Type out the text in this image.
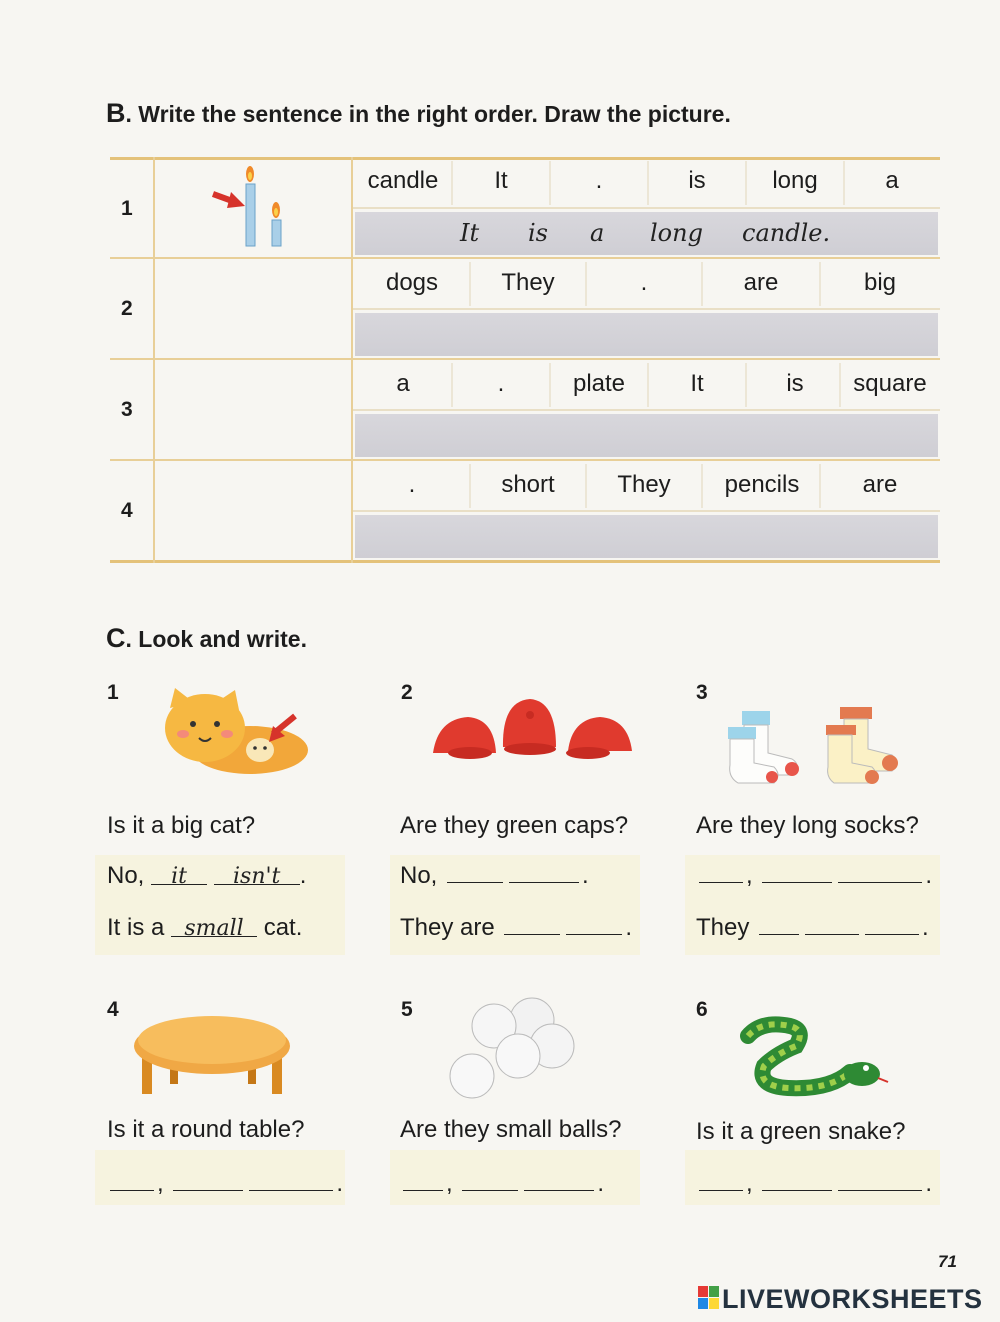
B. Write the sentence in the right order. Draw the picture.
1
2
3
4
candle	It	.	is	long	a
It is a long candle.
dogs	They	.	are	big
a	.	plate	It	is	square
.	short	They	pencils	are
C. Look and write.
1	2	3
4	5	6
Is it a big cat?	Are they green caps?	Are they long socks?
Is it a round table?	Are they small balls?	Is it a green snake?
No, it isn't .
It is a small cat.
No,	.
They are	.
,	.
They	.
,	.	,	.	,	.
71
LIVEWORKSHEETS
